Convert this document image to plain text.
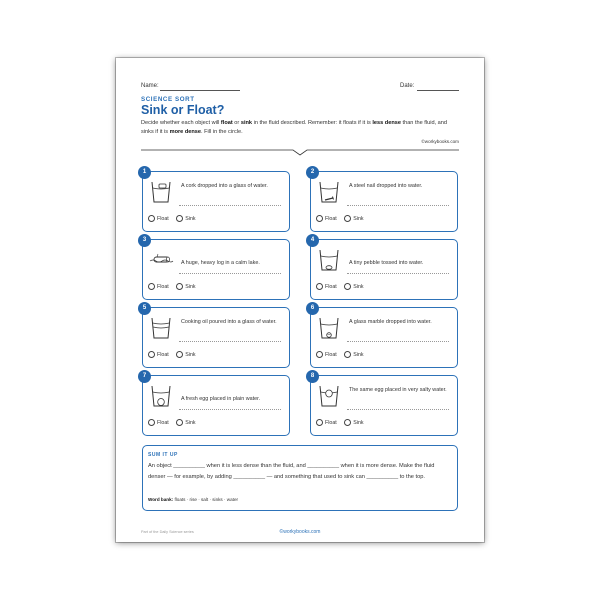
Name:	Date:
SCIENCE SORT
Sink or Float?
Decide whether each object will float or sink in the fluid described. Remember: it floats if it is less dense than the fluid, and sinks if it is more dense. Fill in the circle.
©workybooks.com
1
A cork dropped into a glass of water.
Float
	Sink
2
A steel nail dropped into water.
Float
	Sink
3
A huge, heavy log in a calm lake.
Float
	Sink
4
A tiny pebble tossed into water.
Float
	Sink
5
Cooking oil poured into a glass of water.
Float
	Sink
6
A glass marble dropped into water.
Float
	Sink
7
A fresh egg placed in plain water.
Float
	Sink
8
The same egg placed in very salty water.
Float
	Sink
SUM IT UP
An object __________ when it is less dense than the fluid, and __________ when it is more dense. Make the fluid denser — for example, by adding __________ — and something that used to sink can __________ to the top.
Word bank: floats · rise · salt · sinks · water
Part of the Daily Science series	©workybooks.com
